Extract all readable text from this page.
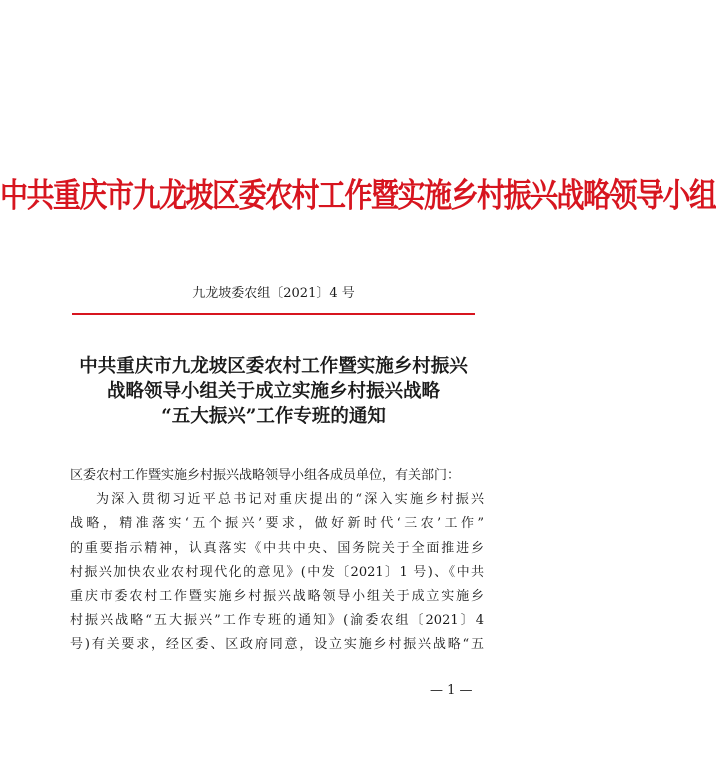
中共重庆市九龙坡区委农村工作暨实施乡村振兴战略领导小组
九龙坡委农组〔2021〕4 号
中共重庆市九龙坡区委农村工作暨实施乡村振兴
战略领导小组关于成立实施乡村振兴战略
“五大振兴”工作专班的通知
区委农村工作暨实施乡村振兴战略领导小组各成员单位，有关部门：
为深入贯彻习近平总书记对重庆提出的“深入实施乡村振兴
战略，精准落实‘五个振兴’要求，做好新时代‘三农’工作”
的重要指示精神，认真落实《中共中央、国务院关于全面推进乡
村振兴加快农业农村现代化的意见》(中发〔2021〕1 号)、《中共
重庆市委农村工作暨实施乡村振兴战略领导小组关于成立实施乡
村振兴战略“五大振兴”工作专班的通知》(渝委农组〔2021〕4
号)有关要求，经区委、区政府同意，设立实施乡村振兴战略“五
— 1 —
